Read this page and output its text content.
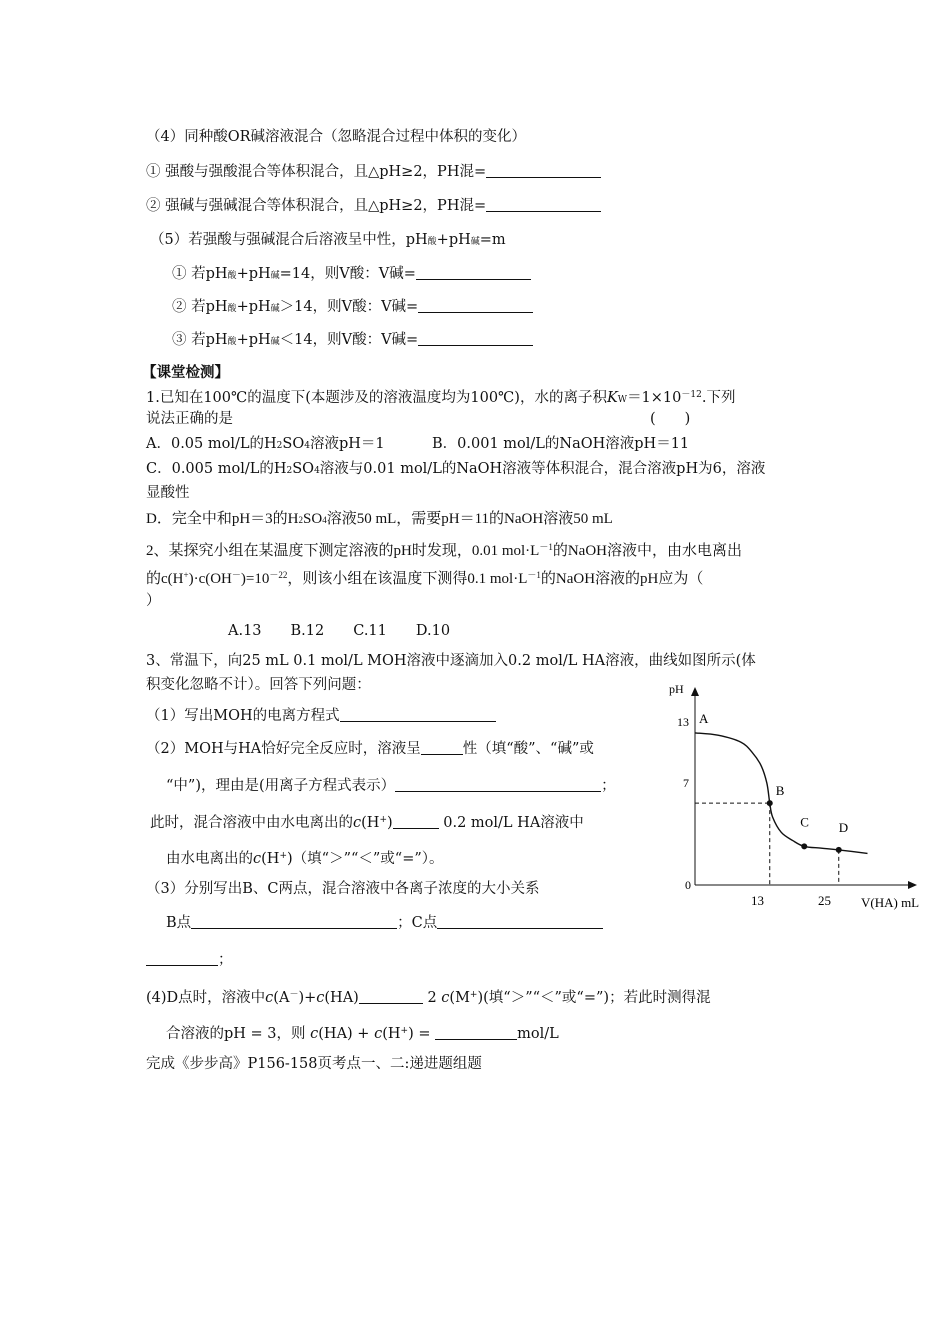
（4）同种酸OR碱溶液混合（忽略混合过程中体积的变化）
① 强酸与强酸混合等体积混合，且△pH≥2，PH混=
② 强碱与强碱混合等体积混合，且△pH≥2，PH混=
（5）若强酸与强碱混合后溶液呈中性，pH酸+pH碱=m
① 若pH酸+pH碱=14，则V酸：V碱=
② 若pH酸+pH碱＞14，则V酸：V碱=
③ 若pH酸+pH碱＜14，则V酸：V碱=
【课堂检测】
1.已知在100℃的温度下(本题涉及的溶液温度均为100℃)，水的离子积$KW=1\times 10^{-12}$.下列
说法正确的是	(　　)
A．0.05 mol/L的H2SO4溶液pH＝1	B．0.001 mol/L的NaOH溶液pH＝11
C．0.005 mol/L的H2SO4溶液与0.01 mol/L的NaOH溶液等体积混合，混合溶液pH为6，溶液
显酸性
D．完全中和pH＝3的H2SO4溶液50 mL，需要pH＝11的NaOH溶液50 mL
2、某探究小组在某温度下测定溶液的pH时发现，0.01 $mol\cdot L^{-1}$的NaOH溶液中，由水电离出
的$c(H^+)\cdot c(OH^-)=10^{-22}$，则该小组在该温度下测得0.1 $mol\cdot L^{-1}$的NaOH溶液的pH应为（
）
A.13　　B.12　　C.11　　D.10
3、常温下，向25 mL 0.1 mol/L MOH溶液中逐滴加入0.2 mol/L HA溶液，曲线如图所示(体
积变化忽略不计）。回答下列问题：
（1）写出MOH的电离方程式
（2）MOH与HA恰好完全反应时，溶液呈	性（填“酸”、“碱”或
“中”)，理由是(用离子方程式表示）	；
此时，混合溶液中由水电离出的c(H+)	0.2 mol/L HA溶液中
由水电离出的c(H+)（填“＞”“＜”或“=”）。
（3）分别写出B、C两点，混合溶液中各离子浓度的大小关系
B点	；C点
；
(4)D点时，溶液中c(A－)+c(HA)	2 c(M+)(填“＞”“＜”或“=”)；若此时测得混
合溶液的pH = 3，则 c(HA) + c(H+) =	mol/L
完成《步步高》P156-158页考点一、二:递进题组题
pH
V(HA) mL
13
7
0
13	25
A
B
C D
